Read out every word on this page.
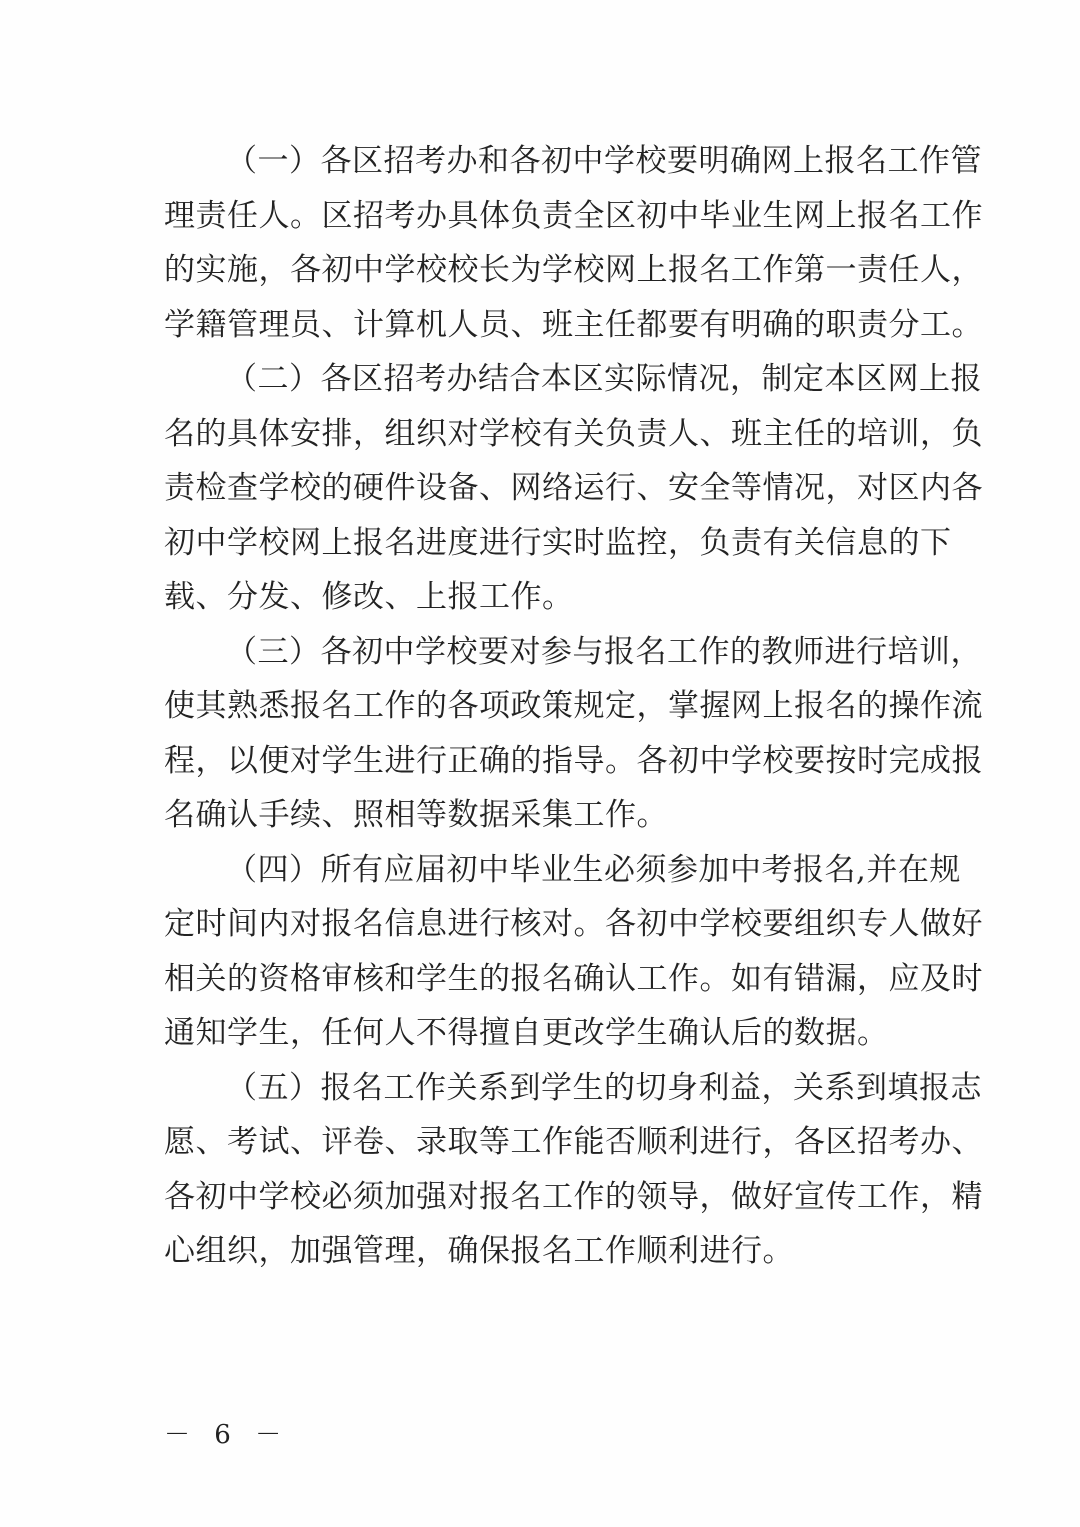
（一）各区招考办和各初中学校要明确网上报名工作管
理责任人。区招考办具体负责全区初中毕业生网上报名工作
的实施，各初中学校校长为学校网上报名工作第一责任人，
学籍管理员、计算机人员、班主任都要有明确的职责分工。
（二）各区招考办结合本区实际情况，制定本区网上报
名的具体安排，组织对学校有关负责人、班主任的培训，负
责检查学校的硬件设备、网络运行、安全等情况，对区内各
初中学校网上报名进度进行实时监控，负责有关信息的下
载、分发、修改、上报工作。
（三）各初中学校要对参与报名工作的教师进行培训，
使其熟悉报名工作的各项政策规定，掌握网上报名的操作流
程，以便对学生进行正确的指导。各初中学校要按时完成报
名确认手续、照相等数据采集工作。
（四）所有应届初中毕业生必须参加中考报名,并在规
定时间内对报名信息进行核对。各初中学校要组织专人做好
相关的资格审核和学生的报名确认工作。如有错漏，应及时
通知学生，任何人不得擅自更改学生确认后的数据。
（五）报名工作关系到学生的切身利益，关系到填报志
愿、考试、评卷、录取等工作能否顺利进行，各区招考办、
各初中学校必须加强对报名工作的领导，做好宣传工作，精
心组织，加强管理，确保报名工作顺利进行。
－ 6 －
